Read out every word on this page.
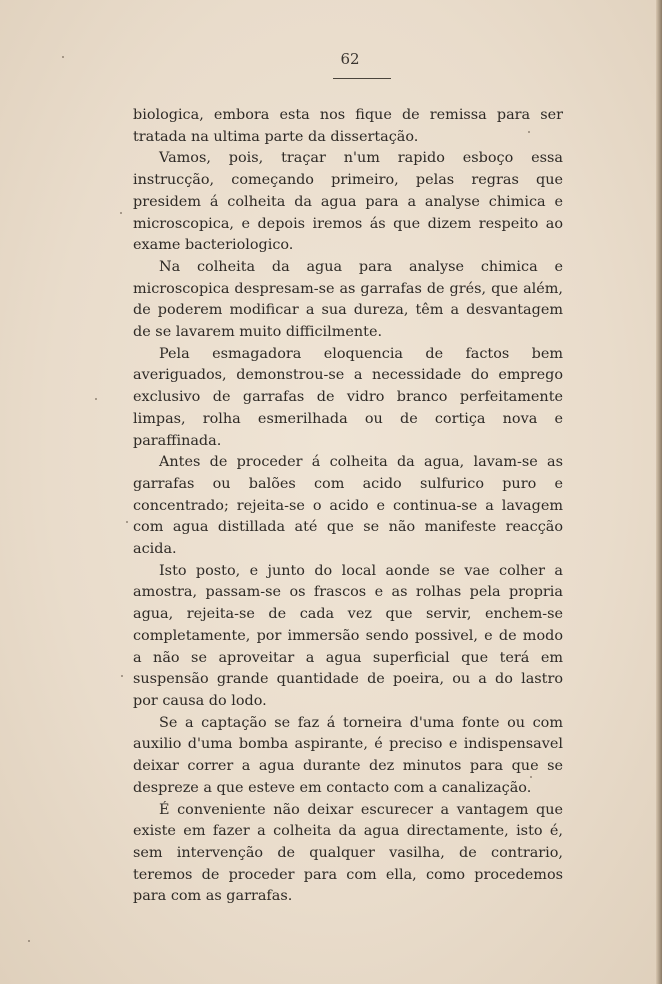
62

biologica, embora esta nos fique de remissa para ser tratada na ultima parte da dissertação.

Vamos, pois, traçar n'um rapido esboço essa instrucção, começando primeiro, pelas regras que presidem á colheita da agua para a analyse chimica e microscopica, e depois iremos ás que dizem respeito ao exame bacteriologico.

Na colheita da agua para analyse chimica e microscopica despresam-se as garrafas de grés, que além, de poderem modificar a sua dureza, têm a desvantagem de se lavarem muito difficilmente.

Pela esmagadora eloquencia de factos bem averiguados, demonstrou-se a necessidade do emprego exclusivo de garrafas de vidro branco perfeitamente limpas, rolha esmerilhada ou de cortiça nova e paraffinada.

Antes de proceder á colheita da agua, lavam-se as garrafas ou balões com acido sulfurico puro e concentrado; rejeita-se o acido e continua-se a lavagem com agua distillada até que se não manifeste reacção acida.

Isto posto, e junto do local aonde se vae colher a amostra, passam-se os frascos e as rolhas pela propria agua, rejeita-se de cada vez que servir, enchem-se completamente, por immersão sendo possivel, e de modo a não se aproveitar a agua superficial que terá em suspensão grande quantidade de poeira, ou a do lastro por causa do lodo.

Se a captação se faz á torneira d'uma fonte ou com auxilio d'uma bomba aspirante, é preciso e indispensavel deixar correr a agua durante dez minutos para que se despreze a que esteve em contacto com a canalização.

É conveniente não deixar escurecer a vantagem que existe em fazer a colheita da agua directamente, isto é, sem intervenção de qualquer vasilha, de contrario, teremos de proceder para com ella, como procedemos para com as garrafas.
